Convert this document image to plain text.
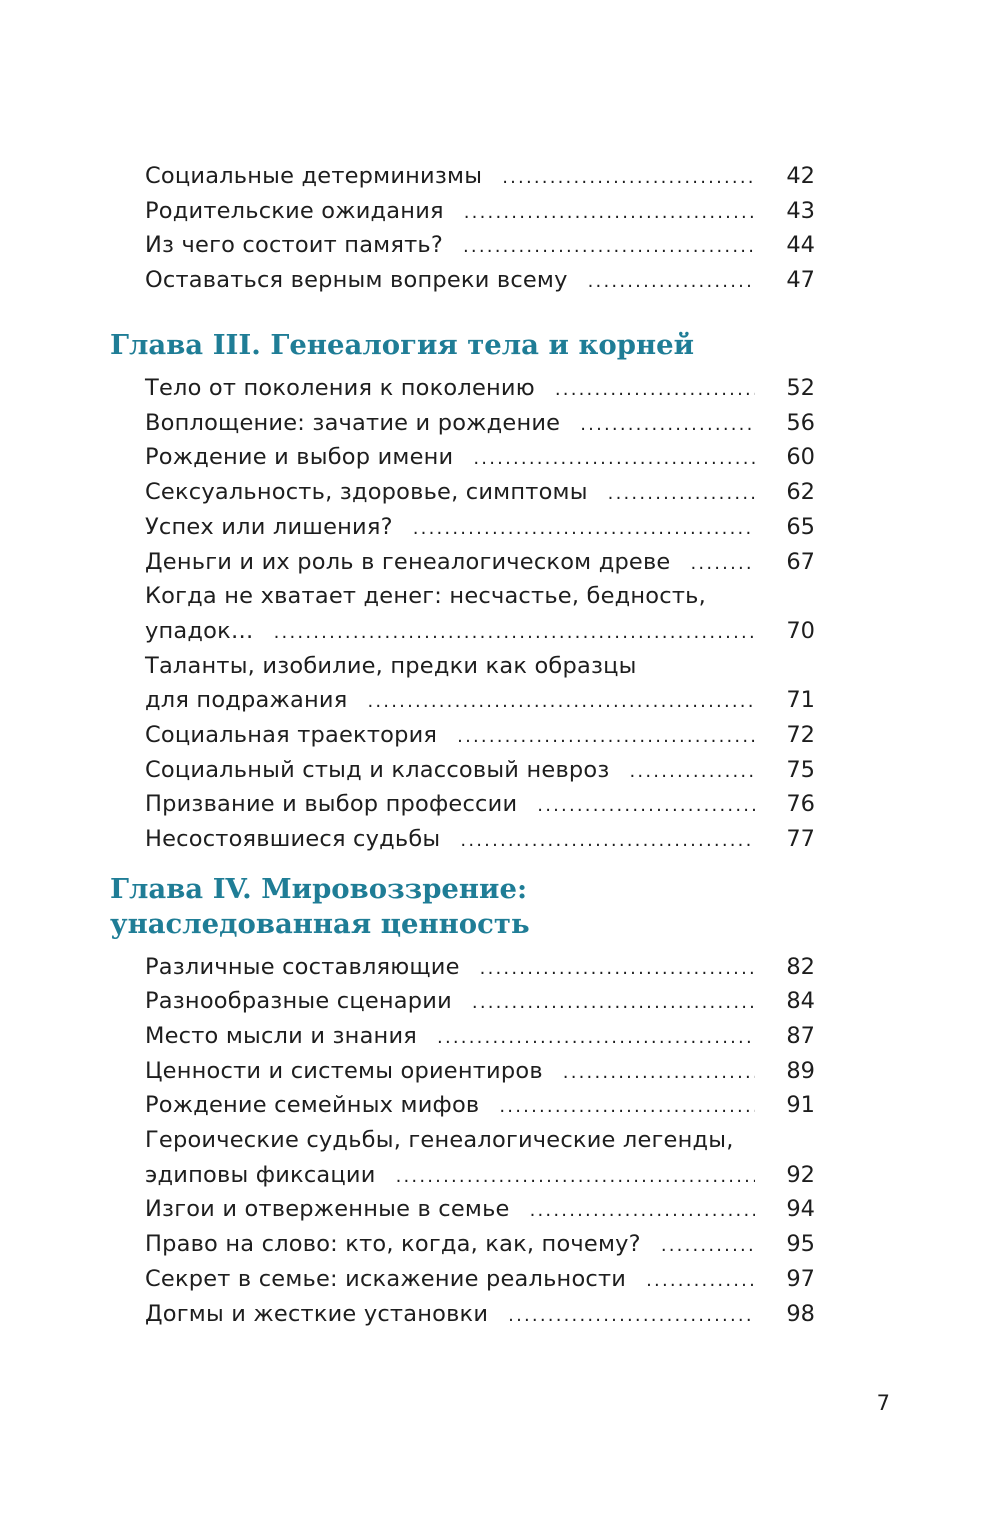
Социальные детерминизмы .....	42
Родительские ожидания .....	43
Из чего состоит память? .....	44
Оставаться верным вопреки всему .....	47
Глава III. Генеалогия тела и корней
Тело от поколения к поколению .....	52
Воплощение: зачатие и рождение .....	56
Рождение и выбор имени .....	60
Сексуальность, здоровье, симптомы .....	62
Успех или лишения? .....	65
Деньги и их роль в генеалогическом древе .....	67
Когда не хватает денег: несчастье, бедность,
упадок… .....	70
Таланты, изобилие, предки как образцы
для подражания .....	71
Социальная траектория .....	72
Социальный стыд и классовый невроз .....	75
Призвание и выбор профессии .....	76
Несостоявшиеся судьбы .....	77
Глава IV. Мировоззрение:
унаследованная ценность
Различные составляющие .....	82
Разнообразные сценарии .....	84
Место мысли и знания .....	87
Ценности и системы ориентиров .....	89
Рождение семейных мифов .....	91
Героические судьбы, генеалогические легенды,
эдиповы фиксации .....	92
Изгои и отверженные в семье .....	94
Право на слово: кто, когда, как, почему? .....	95
Секрет в семье: искажение реальности .....	97
Догмы и жесткие установки .....	98
7
